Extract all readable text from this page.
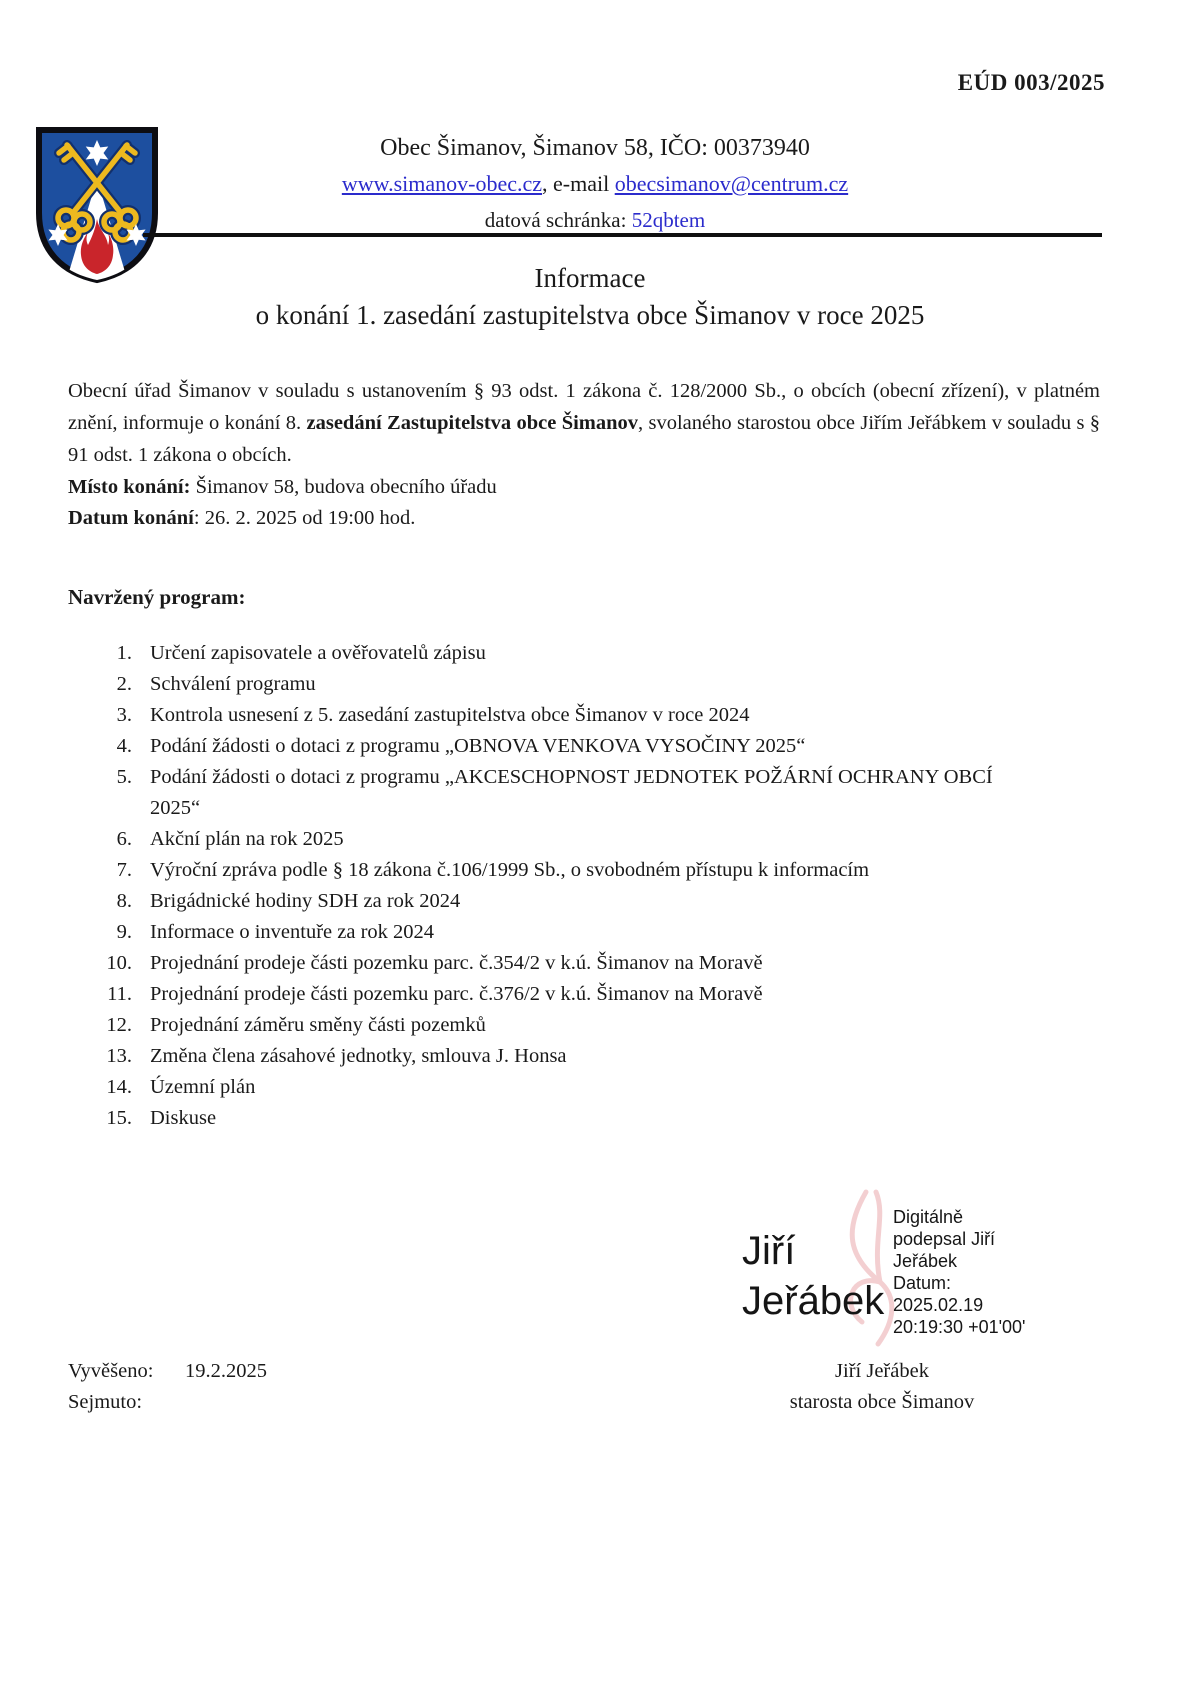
EÚD 003/2025
Obec Šimanov, Šimanov 58, IČO: 00373940
www.simanov-obec.cz, e-mail obecsimanov@centrum.cz
datová schránka: 52qbtem
Informace
o konání 1. zasedání zastupitelstva obce Šimanov v roce 2025

Obecní úřad Šimanov v souladu s ustanovením § 93 odst. 1 zákona č. 128/2000 Sb., o obcích (obecní zřízení), v platném znění, informuje o konání 8. zasedání Zastupitelstva obce Šimanov, svolaného starostou obce Jiřím Jeřábkem v souladu s § 91 odst. 1 zákona o obcích.

Místo konání: Šimanov 58, budova obecního úřadu
Datum konání: 26. 2. 2025 od 19:00 hod.
Navržený program:
Určení zapisovatele a ověřovatelů zápisu
Schválení programu
Kontrola usnesení z 5. zasedání zastupitelstva obce Šimanov v roce 2024
Podání žádosti o dotaci z programu „OBNOVA VENKOVA VYSOČINY 2025“
Podání žádosti o dotaci z programu „AKCESCHOPNOST JEDNOTEK POŽÁRNÍ OCHRANY OBCÍ 2025“
Akční plán na rok 2025
Výroční zpráva podle § 18 zákona č.106/1999 Sb., o svobodném přístupu k informacím
Brigádnické hodiny SDH za rok 2024
Informace o inventuře za rok 2024
Projednání prodeje části pozemku parc. č.354/2 v k.ú. Šimanov na Moravě
Projednání prodeje části pozemku parc. č.376/2 v k.ú. Šimanov na Moravě
Projednání záměru směny části pozemků
Změna člena zásahové jednotky, smlouva J. Honsa
Územní plán
Diskuse
Jiří
Jeřábek
Digitálně
podepsal Jiří
Jeřábek
Datum:
2025.02.19
20:19:30 +01'00'
Vyvěšeno: 19.2.2025
Sejmuto:
Jiří Jeřábek
starosta obce Šimanov
